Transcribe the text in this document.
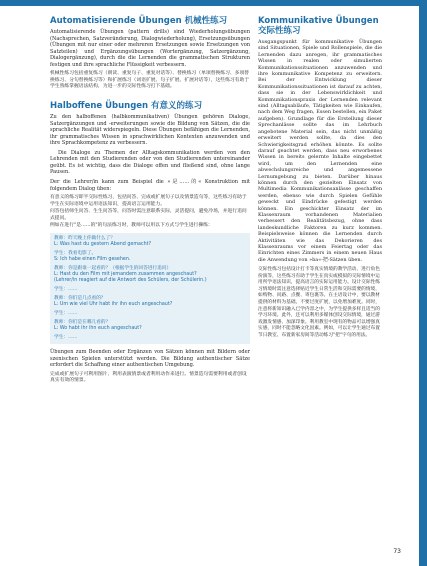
Automatisierende Übungen 机械性练习

Automatisierende Übungen (pattern drills) sind Wiederholungsübungen (Nachsprechen, Satzveränderung, Dialogwiederholung), Ersetzungsübungen (Übungen mit nur einer oder mehreren Ersetzungen sowie Ersetzungen von Satzteilen) und Ergänzungsübungen (Wortergänzung, Satzergänzung, Dialogergänzung), durch die die Lernenden die grammatischen Strukturen festigen und ihre sprachliche Flüssigkeit verbessern.

机械性练习包括重复练习（朗读、重复句子、重复对话等）、替换练习（单项替换练习、多项替换练习、分句替换练习等）和扩展练习（词语扩展、句子扩展、扩展对话等），这些练习有助于学生熟练掌握语法结构，为进一步的交际性练习打下基础。

Halboffene Übungen 有意义的练习

Zu den halboffenen (halbkommunikativen) Übungen gehören Dialoge, Satzergänzungen und -erweiterungen sowie die Bildung von Sätzen, die die sprachliche Realität widerspiegeln. Diese Übungen befähigen die Lernenden, ihr grammatisches Wissen in sprachwirklichen Kontexten anzuwenden und ihre Sprachkompetenz zu verbessern.

Die Dialoge zu Themen der Alltagskommunikation werden von den Lehrenden mit den Studierenden oder von den Studierenden untereinander geübt. Es ist wichtig, dass die Dialoge offen und fließend sind, ohne lange Pausen.

Der die Lehrer/in kann zum Beispiel die »是……的« Konstruktion mit folgendem Dialog üben:

有意义的练习即半交际性练习，包括问答、完成或扩展句子以及情景造句等，这些练习有助于学生在实际语境中运用语法知识，提高语言运用能力。

问答包括师生问答、生生问答等，问答时需注意联系实际，灵活提问，避免冷场，并进行追问式提问。

例如在进行"是……的"的句法练习时，教师可以用以下方式与学生进行操练：

教师：昨天晚上你做什么了？
L: Was hast du gestern Abend gemacht?
学生：我看电影了。
S: Ich habe einen Film gesehen.
教师：你是跟谁一起看的？（根据学生的回答进行追问）
L: Hast du den Film mit jemandem zusammen angeschaut?
(Lehrer/in reagiert auf die Antwort des Schülers, der Schülerin.)
学生：……
教师：你们是几点看的？
L: Um wie viel Uhr habt ihr ihn euch angeschaut?
学生：……
教师：你们是在哪儿看的？
L: Wo habt ihr ihn euch angeschaut?
学生：……

Übungen zum Beenden oder Ergänzen von Sätzen können mit Bildern oder szenischen Spielen unterstützt werden. Die Bildung authentischer Sätze erfordert die Schaffung einer authentischen Umgebung.

完成或扩展句子可利用图片、利用表演情景或者利用动作来进行。情景造句需要利用或者创设真实有效的情景。

Kommunikative Übungen
交际性练习

Ausgangspunkt für kommunikative Übungen sind Situationen, Spiele und Rollenspiele, die die Lernenden dazu anregen, ihr grammatisches Wissen in realen oder simulierten Kommunikationssituationen anzuwenden und ihre kommunikative Kompetenz zu erweitern. Bei der Entwicklung dieser Kommunikationssituationen ist darauf zu achten, dass sie in der Lebenswirklichkeit und Kommunikationspraxis der Lernenden relevant sind (Alltagsabläufe, Tätigkeiten wie Einkaufen, nach dem Weg fragen, Essen bestellen, ein Paket aufgeben). Grundlage für die Erstellung dieser Sprechanlässe sollte das im Lehrbuch angebotene Material sein, das nicht unmäßig erweitert werden sollte, da dies den Schwierigkeitsgrad erhöhen könnte. Es sollte darauf geachtet werden, dass neu erworbenes Wissen in bereits gelernte Inhalte eingebettet wird, um den Lernenden eine abwechslungsreiche und angemessene Lernumgebung zu bieten. Darüber hinaus können durch den gezielten Einsatz von Multimedia Kommunikationsanlässe geschaffen werden, ebenso wie durch Spielen Gefühle geweckt und Eindrücke gefestigt werden können. Ein geschickter Einsatz der im Klassenraum vorhandenen Materialien verbessert den Realitätsbezug, ohne dass landeskundliche Faktoren zu kurz kommen. Beispielsweise können die Lernenden durch Aktivitäten wie das Dekorieren des Klassenraums vor einem Feiertag oder das Einrichten eines Zimmers in einem neuen Haus die Anwendung von »ba«-把-Sätzen üben.

交际性练习包括设计打卡等真实情境的教学活动、进行角色扮演等，这些练习有助于学生在真实或模拟的交际情境中运用所学语法知识，提高语言的实际运用能力。设计交际性练习情境时需注意选择贴近学生日常生活和交际需要的情境，如购物、问路、点餐、寄包裹等。在主语设计中，要以教材提供的材料为基础，不要过度扩展，以免增加难度。同时，注意将新知识融入已学内容之中，为学生提供多样且适当的学习环境。此外，还可以利用多媒体创设交际情境，通过游戏激发情感、加深印象。利用教室中现有的物品可以增强真实感，同时不能忽略文化因素。例如，可以让学生通过布置节日教室、布置新家房间等活动练习"把"字句的用法。

73
